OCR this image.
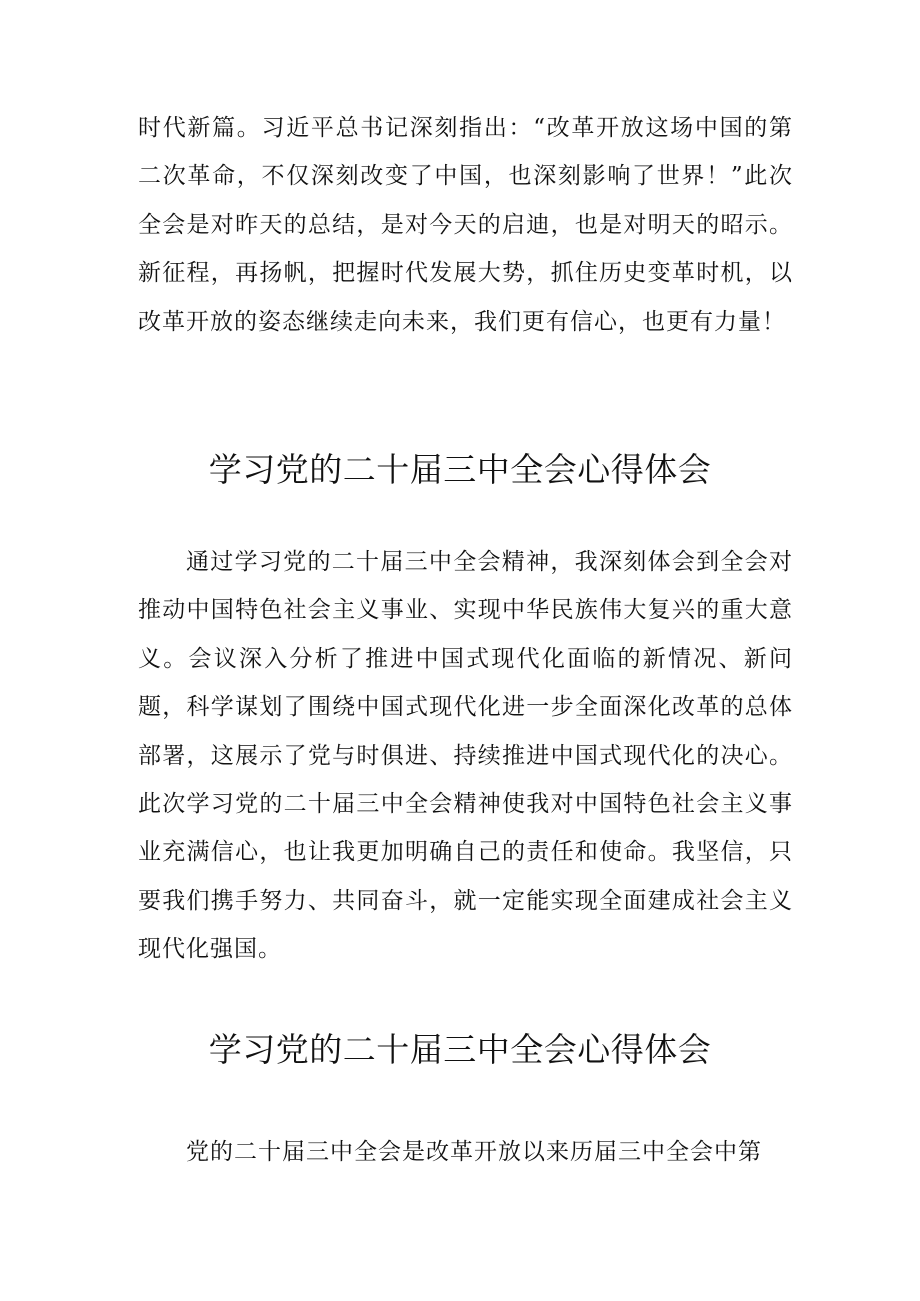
时代新篇。习近平总书记深刻指出：“改革开放这场中国的第二次革命，不仅深刻改变了中国，也深刻影响了世界！”此次全会是对昨天的总结，是对今天的启迪，也是对明天的昭示。新征程，再扬帆，把握时代发展大势，抓住历史变革时机，以改革开放的姿态继续走向未来，我们更有信心，也更有力量！

学习党的二十届三中全会心得体会

通过学习党的二十届三中全会精神，我深刻体会到全会对推动中国特色社会主义事业、实现中华民族伟大复兴的重大意义。会议深入分析了推进中国式现代化面临的新情况、新问题，科学谋划了围绕中国式现代化进一步全面深化改革的总体部署，这展示了党与时俱进、持续推进中国式现代化的决心。此次学习党的二十届三中全会精神使我对中国特色社会主义事业充满信心，也让我更加明确自己的责任和使命。我坚信，只要我们携手努力、共同奋斗，就一定能实现全面建成社会主义现代化强国。

学习党的二十届三中全会心得体会

党的二十届三中全会是改革开放以来历届三中全会中第
